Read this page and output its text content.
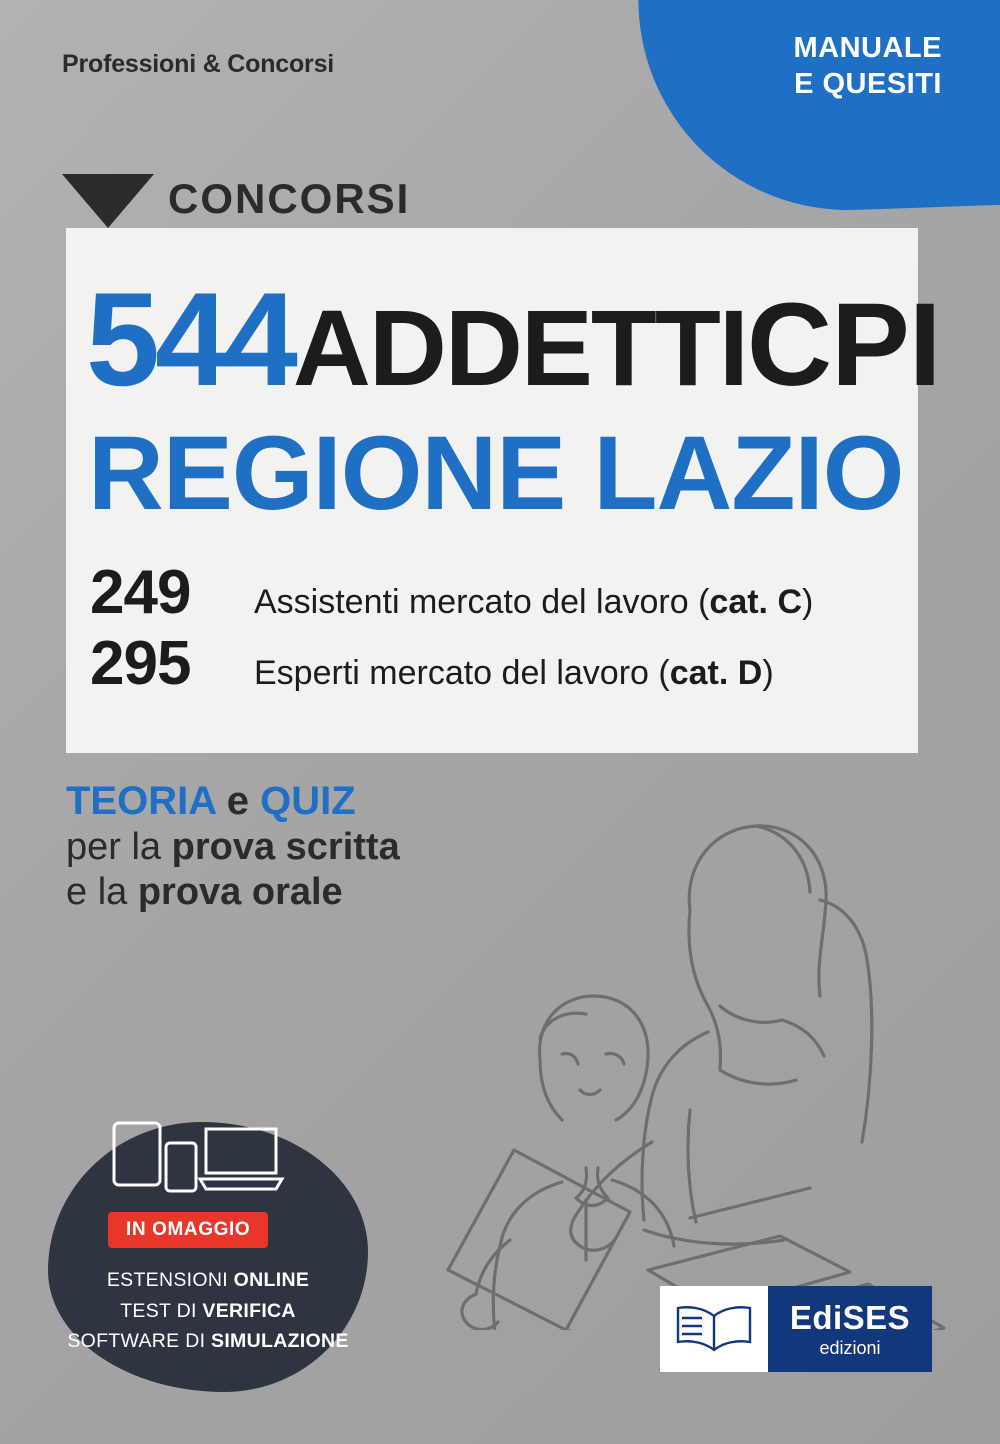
MANUALE
E QUESITI
Professioni & Concorsi
CONCORSI
544ADDETTICPI
REGIONE LAZIO
249	Assistenti mercato del lavoro (cat. C)
295	Esperti mercato del lavoro (cat. D)
TEORIA e QUIZ
per la prova scritta
e la prova orale
IN OMAGGIO
ESTENSIONI ONLINE
TEST DI VERIFICA
SOFTWARE DI SIMULAZIONE
EdiSES
edizioni
